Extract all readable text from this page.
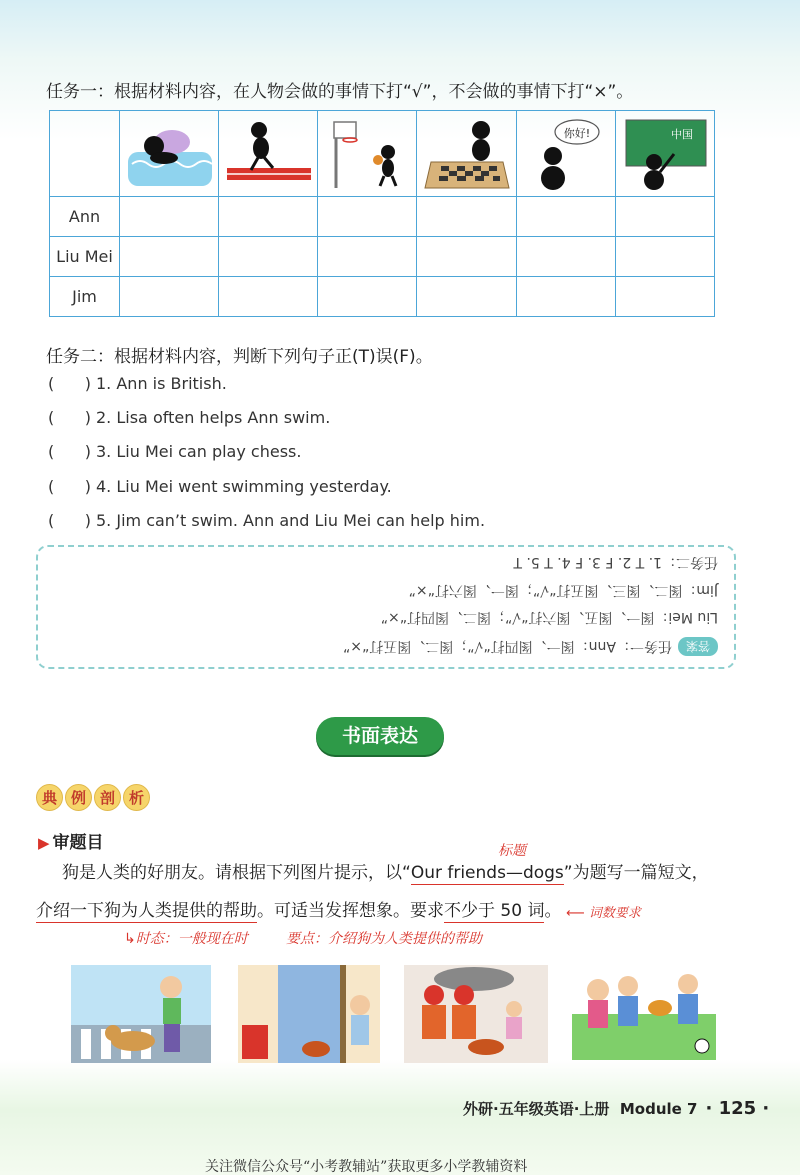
任务一：根据材料内容，在人物会做的事情下打“√”，不会做的事情下打“×”。

你好!	中国

Ann						
Liu Mei						
Jim						
任务二：根据材料内容，判断下列句子正(T)误(F)。
(      ) 1. Ann is British.
(      ) 2. Lisa often helps Ann swim.
(      ) 3. Liu Mei can play chess.
(      ) 4. Liu Mei went swimming yesterday.
(      ) 5. Jim can’t swim. Ann and Liu Mei can help him.
答案任务一：Ann：图一、图四打“√”；图二、图五打“×”
Liu Mei：图一、图五、图六打“√”；图二、图四打“×”
Jim：图二、图三、图五打“√”；图一、图六打“×”
任务二：1. T 2. F 3. F 4. T 5. T
书面表达
典 例 剖 析
▶ 审题目	标题
狗是人类的好朋友。请根据下列图片提示，以“Our friends—dogs”为题写一篇短文，
介绍一下狗为人类提供的帮助。可适当发挥想象。要求不少于 50 词。 ⟵ 词数要求
↳时态：一般现在时	要点：介绍狗为人类提供的帮助
外研·五年级英语·上册 Module 7 · 125 ·
关注微信公众号“小考教辅站”获取更多小学教辅资料
